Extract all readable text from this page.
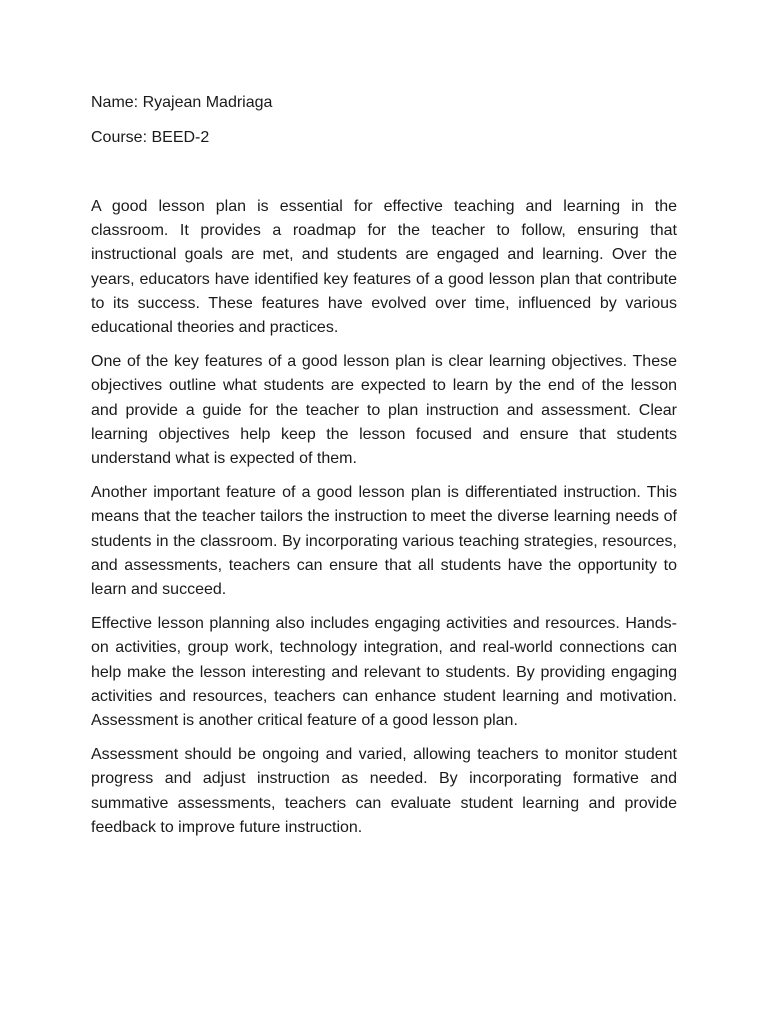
Name: Ryajean Madriaga

Course: BEED-2

A good lesson plan is essential for effective teaching and learning in the classroom. It provides a roadmap for the teacher to follow, ensuring that instructional goals are met, and students are engaged and learning. Over the years, educators have identified key features of a good lesson plan that contribute to its success. These features have evolved over time, influenced by various educational theories and practices.

One of the key features of a good lesson plan is clear learning objectives. These objectives outline what students are expected to learn by the end of the lesson and provide a guide for the teacher to plan instruction and assessment. Clear learning objectives help keep the lesson focused and ensure that students understand what is expected of them.

Another important feature of a good lesson plan is differentiated instruction. This means that the teacher tailors the instruction to meet the diverse learning needs of students in the classroom. By incorporating various teaching strategies, resources, and assessments, teachers can ensure that all students have the opportunity to learn and succeed.

Effective lesson planning also includes engaging activities and resources. Hands-on activities, group work, technology integration, and real-world connections can help make the lesson interesting and relevant to students. By providing engaging activities and resources, teachers can enhance student learning and motivation. Assessment is another critical feature of a good lesson plan.

Assessment should be ongoing and varied, allowing teachers to monitor student progress and adjust instruction as needed. By incorporating formative and summative assessments, teachers can evaluate student learning and provide feedback to improve future instruction.
